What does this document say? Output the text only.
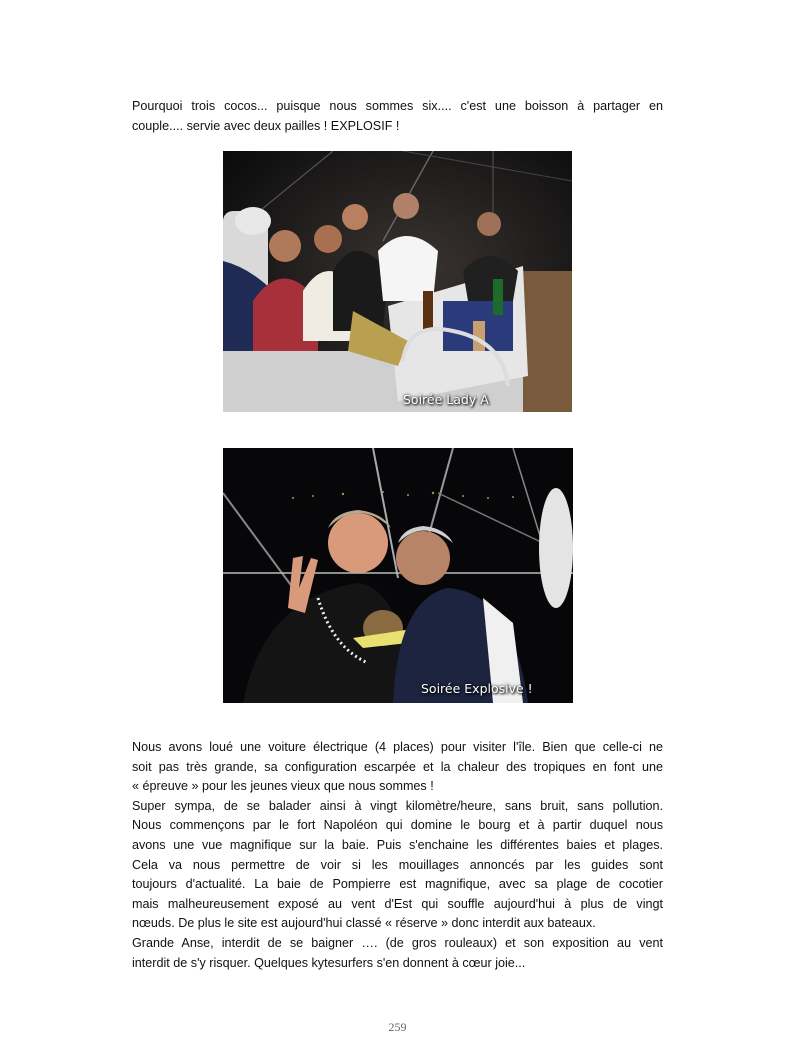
Pourquoi trois cocos... puisque nous sommes six.... c'est une boisson à partager en
couple.... servie avec deux pailles ! EXPLOSIF !
Soirée Lady A
Soirée Explosive !
Nous avons loué une voiture électrique (4 places) pour visiter l'île. Bien que celle-ci ne
soit pas très grande, sa configuration escarpée et la chaleur des tropiques en font une
« épreuve » pour les jeunes vieux que nous sommes !
Super sympa, de se balader ainsi à vingt kilomètre/heure, sans bruit, sans pollution.
Nous commençons par le fort Napoléon qui domine le bourg et à partir duquel nous
avons une vue magnifique sur la baie. Puis s'enchaine les différentes baies et plages.
Cela va nous permettre de voir si les mouillages annoncés par les guides sont
toujours d'actualité. La baie de Pompierre est magnifique, avec sa plage de cocotier
mais malheureusement exposé au vent d'Est qui souffle aujourd'hui à plus de vingt
nœuds. De plus le site est aujourd'hui classé « réserve » donc interdit aux bateaux.
Grande Anse, interdit de se baigner …. (de gros rouleaux) et son exposition au vent
interdit de s'y risquer. Quelques kytesurfers s'en donnent à cœur joie...
259
